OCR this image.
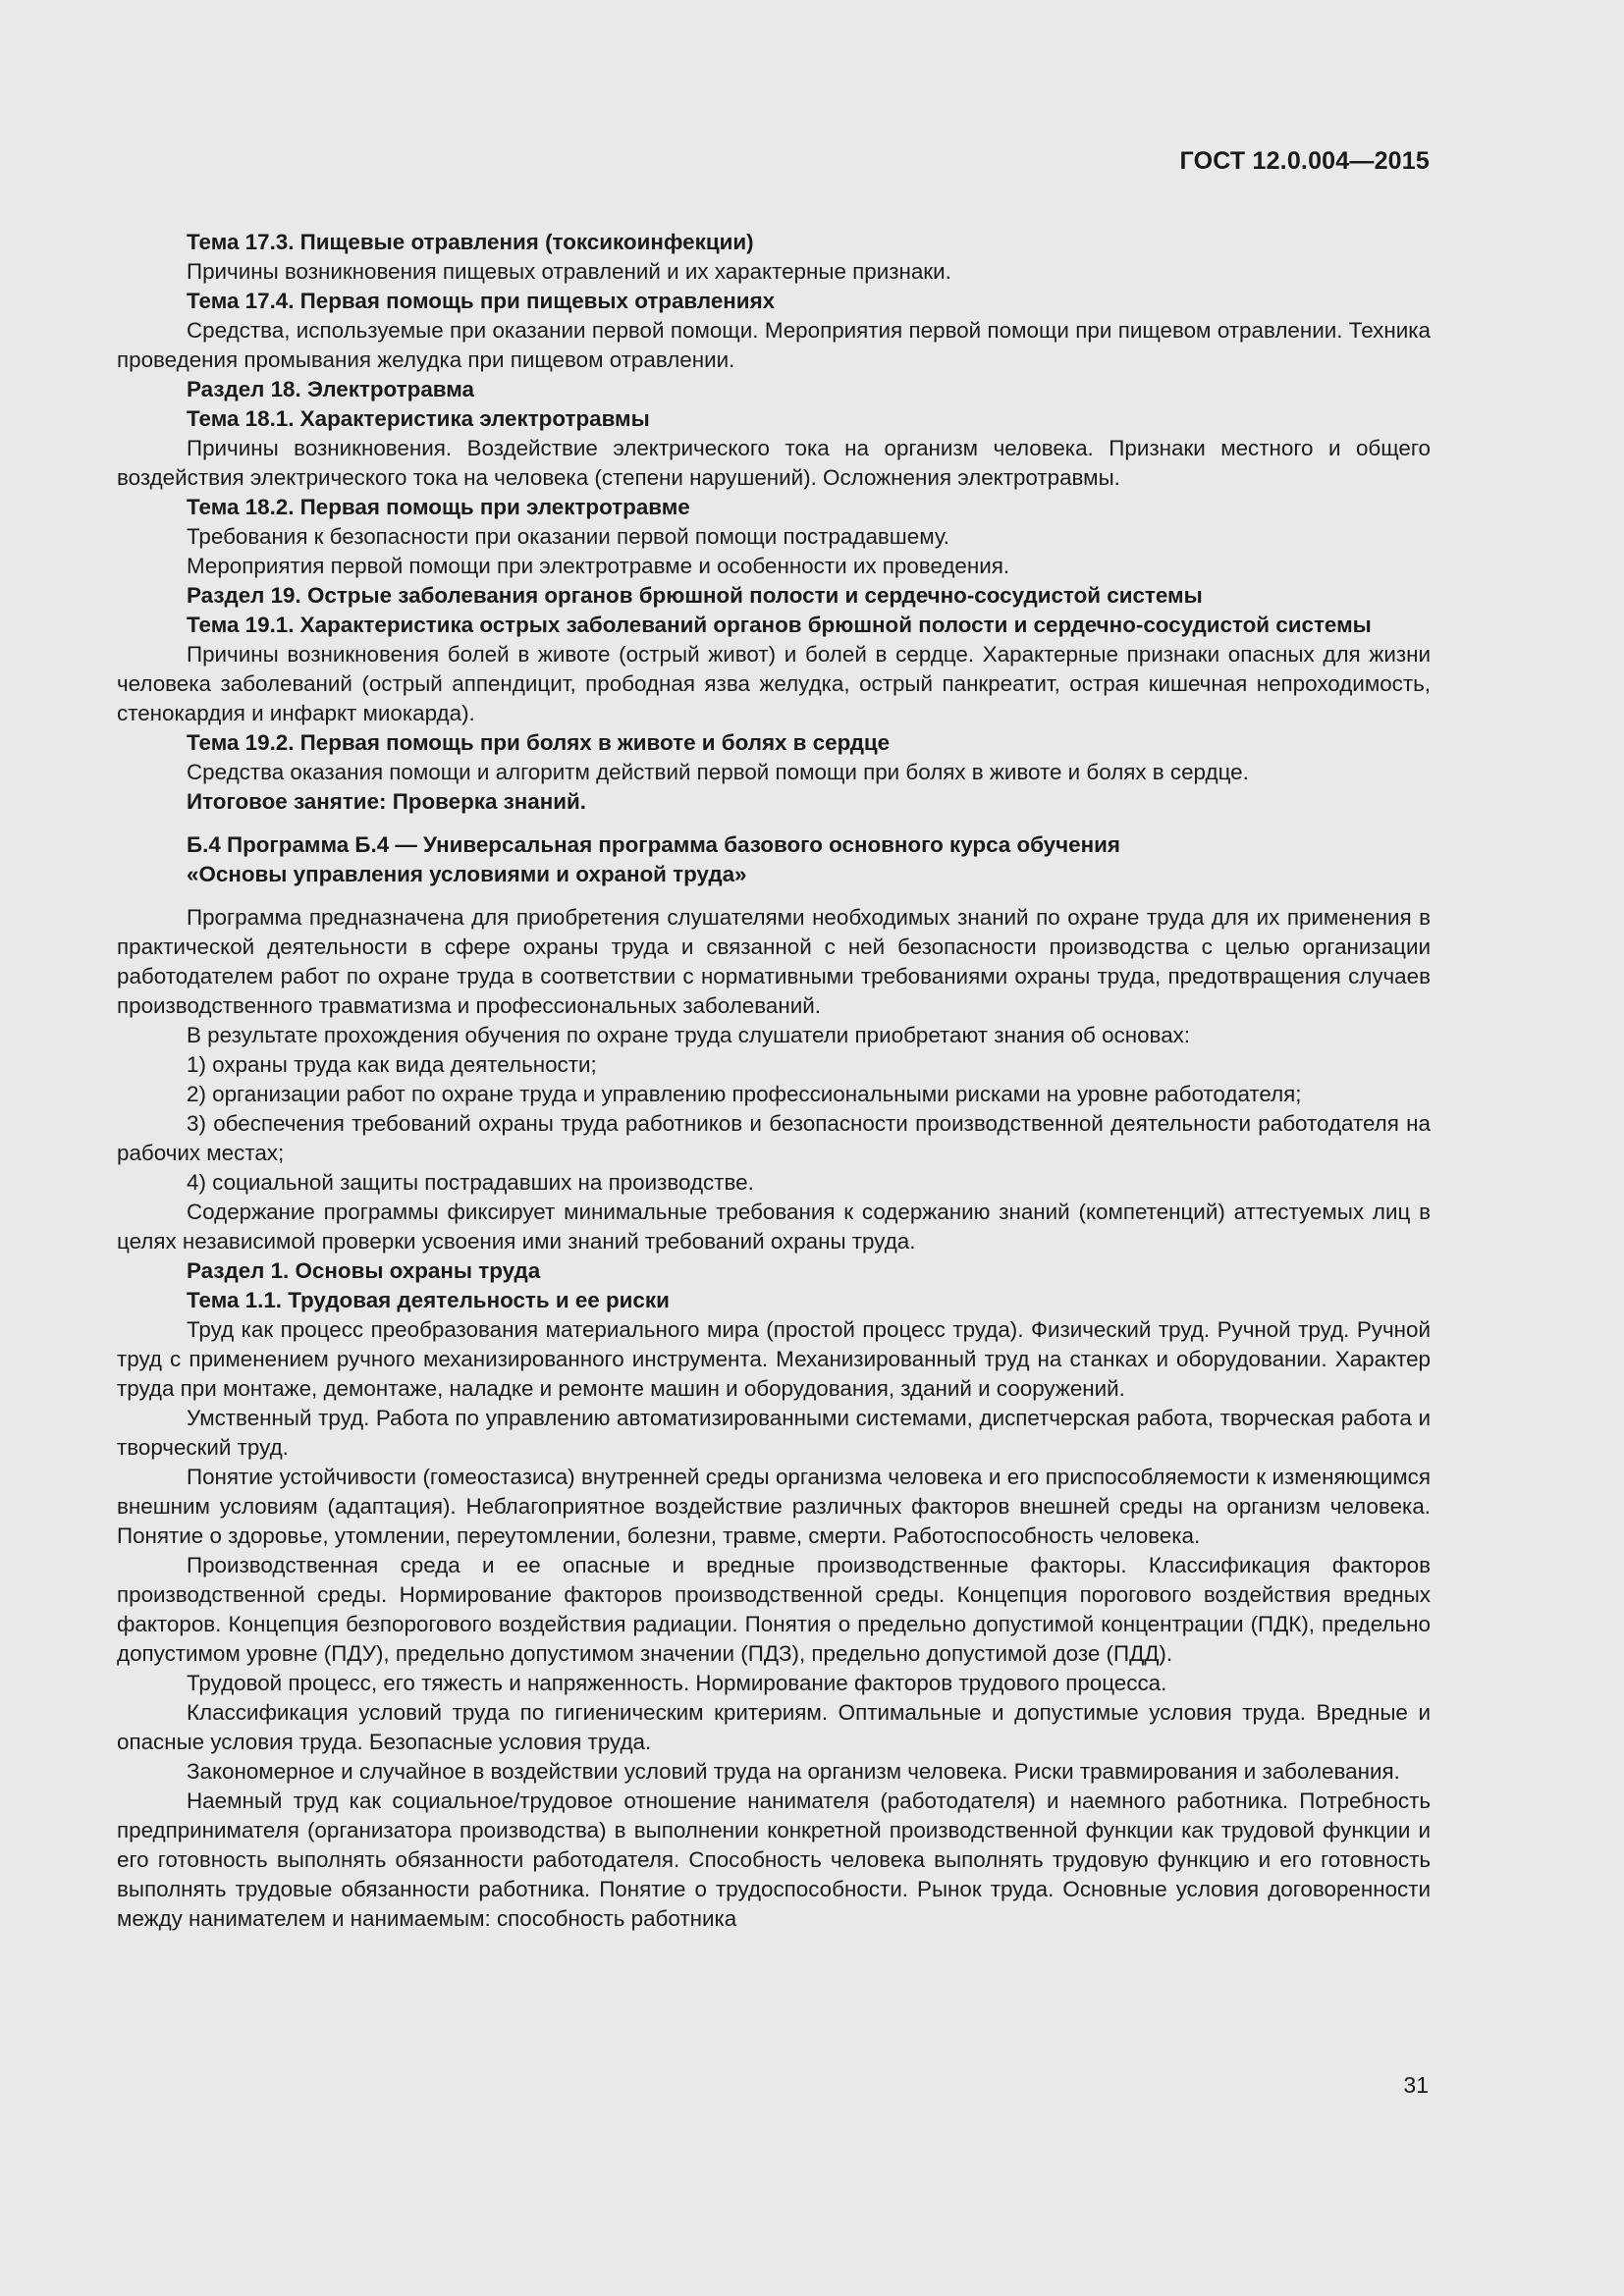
ГОСТ 12.0.004—2015

Тема 17.3. Пищевые отравления (токсикоинфекции)

Причины возникновения пищевых отравлений и их характерные признаки.

Тема 17.4. Первая помощь при пищевых отравлениях

Средства, используемые при оказании первой помощи. Мероприятия первой помощи при пищевом отравлении. Техника проведения промывания желудка при пищевом отравлении.

Раздел 18. Электротравма

Тема 18.1. Характеристика электротравмы

Причины возникновения. Воздействие электрического тока на организм человека. Признаки местного и общего воздействия электрического тока на человека (степени нарушений). Осложнения электротравмы.

Тема 18.2. Первая помощь при электротравме

Требования к безопасности при оказании первой помощи пострадавшему.

Мероприятия первой помощи при электротравме и особенности их проведения.

Раздел 19. Острые заболевания органов брюшной полости и сердечно-сосудистой системы

Тема 19.1. Характеристика острых заболеваний органов брюшной полости и сердечно-сосудистой системы

Причины возникновения болей в животе (острый живот) и болей в сердце. Характерные признаки опасных для жизни человека заболеваний (острый аппендицит, прободная язва желудка, острый панкреатит, острая кишечная непроходимость, стенокардия и инфаркт миокарда).

Тема 19.2. Первая помощь при болях в животе и болях в сердце

Средства оказания помощи и алгоритм действий первой помощи при болях в животе и болях в сердце.

Итоговое занятие: Проверка знаний.

Б.4 Программа Б.4 — Универсальная программа базового основного курса обучения

«Основы управления условиями и охраной труда»

Программа предназначена для приобретения слушателями необходимых знаний по охране труда для их применения в практической деятельности в сфере охраны труда и связанной с ней безопасности производства с целью организации работодателем работ по охране труда в соответствии с нормативными требованиями охраны труда, предотвращения случаев производственного травматизма и профессиональных заболеваний.

В результате прохождения обучения по охране труда слушатели приобретают знания об основах:

1) охраны труда как вида деятельности;

2) организации работ по охране труда и управлению профессиональными рисками на уровне работодателя;

3) обеспечения требований охраны труда работников и безопасности производственной деятельности работодателя на рабочих местах;

4) социальной защиты пострадавших на производстве.

Содержание программы фиксирует минимальные требования к содержанию знаний (компетенций) аттестуемых лиц в целях независимой проверки усвоения ими знаний требований охраны труда.

Раздел 1. Основы охраны труда

Тема 1.1. Трудовая деятельность и ее риски

Труд как процесс преобразования материального мира (простой процесс труда). Физический труд. Ручной труд. Ручной труд с применением ручного механизированного инструмента. Механизированный труд на станках и оборудовании. Характер труда при монтаже, демонтаже, наладке и ремонте машин и оборудования, зданий и сооружений.

Умственный труд. Работа по управлению автоматизированными системами, диспетчерская работа, творческая работа и творческий труд.

Понятие устойчивости (гомеостазиса) внутренней среды организма человека и его приспособляемости к изменяющимся внешним условиям (адаптация). Неблагоприятное воздействие различных факторов внешней среды на организм человека. Понятие о здоровье, утомлении, переутомлении, болезни, травме, смерти. Работоспособность человека.

Производственная среда и ее опасные и вредные производственные факторы. Классификация факторов производственной среды. Нормирование факторов производственной среды. Концепция порогового воздействия вредных факторов. Концепция безпорогового воздействия радиации. Понятия о предельно допустимой концентрации (ПДК), предельно допустимом уровне (ПДУ), предельно допустимом значении (ПДЗ), предельно допустимой дозе (ПДД).

Трудовой процесс, его тяжесть и напряженность. Нормирование факторов трудового процесса.

Классификация условий труда по гигиеническим критериям. Оптимальные и допустимые условия труда. Вредные и опасные условия труда. Безопасные условия труда.

Закономерное и случайное в воздействии условий труда на организм человека. Риски травмирования и заболевания.

Наемный труд как социальное/трудовое отношение нанимателя (работодателя) и наемного работника. Потребность предпринимателя (организатора производства) в выполнении конкретной производственной функции как трудовой функции и его готовность выполнять обязанности работодателя. Способность человека выполнять трудовую функцию и его готовность выполнять трудовые обязанности работника. Понятие о трудоспособности. Рынок труда. Основные условия договоренности между нанимателем и нанимаемым: способность работника

31
